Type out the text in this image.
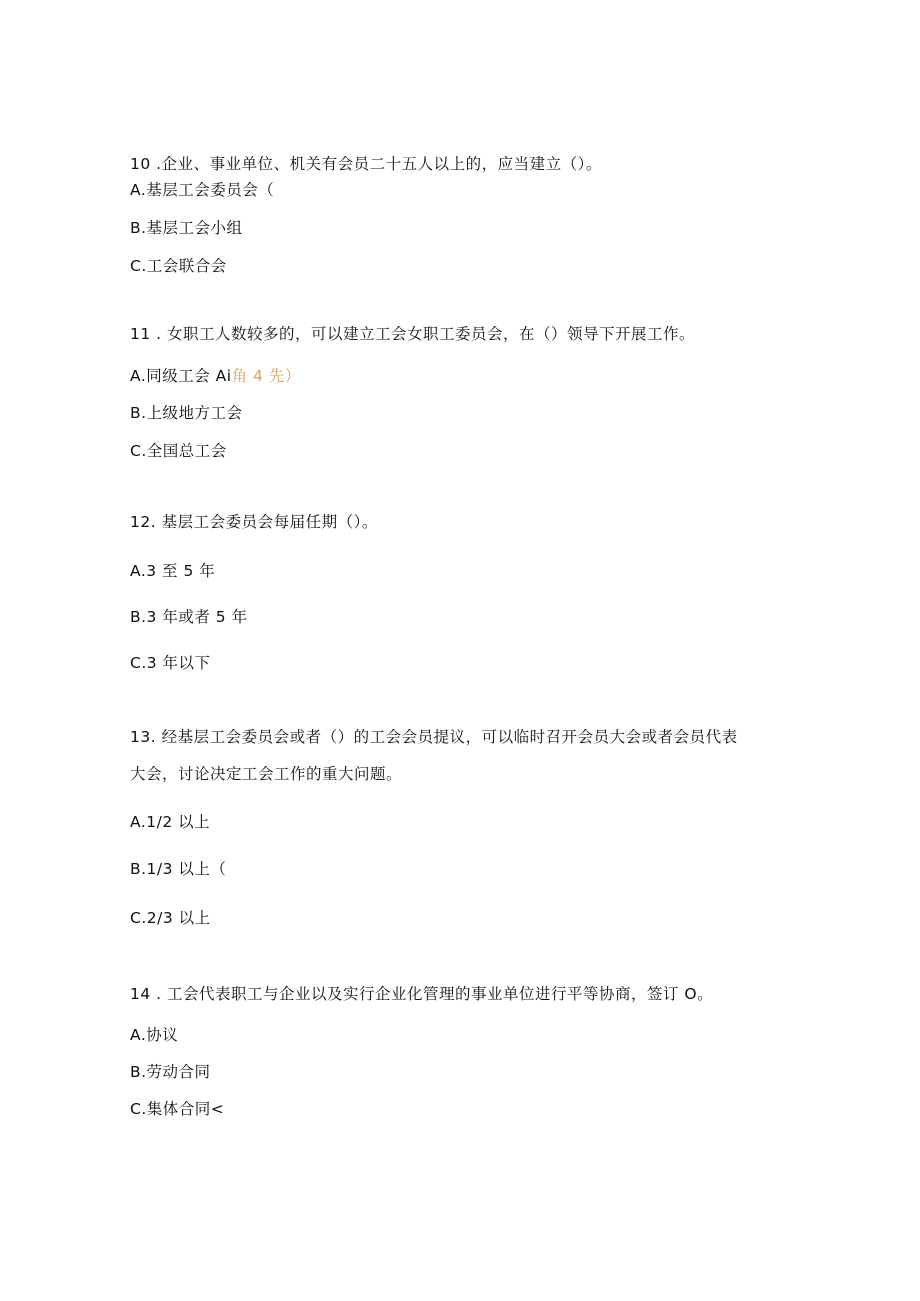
10 .企业、事业单位、机关有会员二十五人以上的，应当建立（）。
A.基层工会委员会（
B.基层工会小组
C.工会联合会
11 . 女职工人数较多的，可以建立工会女职工委员会，在（）领导下开展工作。
A.同级工会 Ai角 4 先）
B.上级地方工会
C.全国总工会
12. 基层工会委员会每届任期（）。
A.3 至 5 年
B.3 年或者 5 年
C.3 年以下
13. 经基层工会委员会或者（）的工会会员提议，可以临时召开会员大会或者会员代表
大会，讨论决定工会工作的重大问题。
A.1/2 以上
B.1/3 以上（
C.2/3 以上
14 . 工会代表职工与企业以及实行企业化管理的事业单位进行平等协商，签订 O。
A.协议
B.劳动合同
C.集体合同<
